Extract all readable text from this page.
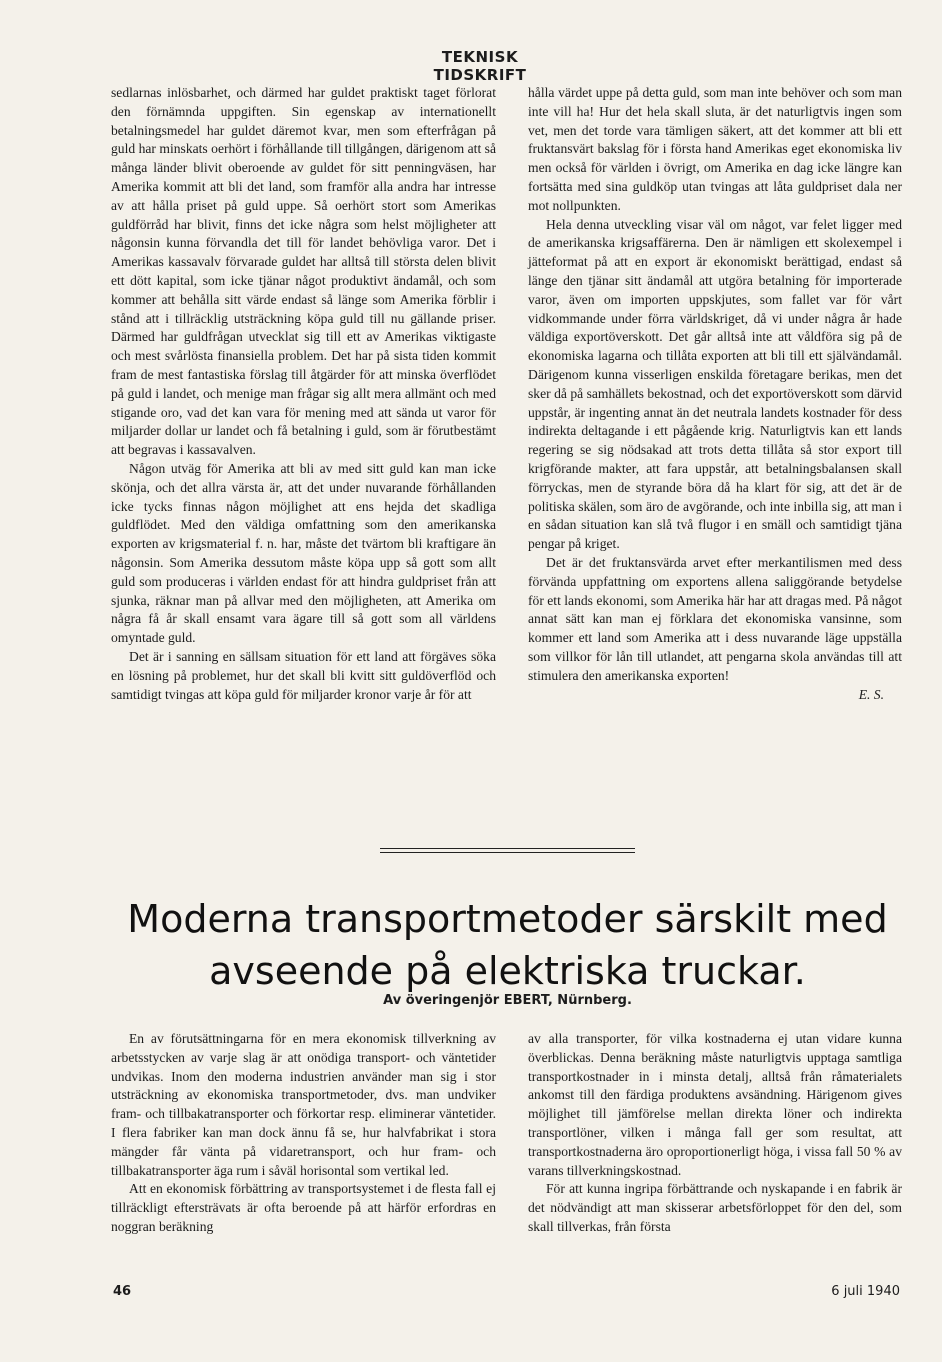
TEKNISK TIDSKRIFT

sedlarnas inlösbarhet, och därmed har guldet praktiskt taget förlorat den förnämnda uppgiften. Sin egenskap av internationellt betalningsmedel har guldet däremot kvar, men som efterfrågan på guld har minskats oerhört i förhållande till tillgången, därigenom att så många länder blivit oberoende av guldet för sitt penningväsen, har Amerika kommit att bli det land, som framför alla andra har intresse av att hålla priset på guld uppe. Så oerhört stort som Amerikas guldförråd har blivit, finns det icke några som helst möjligheter att någonsin kunna förvandla det till för landet behövliga varor. Det i Amerikas kassavalv förvarade guldet har alltså till största delen blivit ett dött kapital, som icke tjänar något produktivt ändamål, och som kommer att behålla sitt värde endast så länge som Amerika förblir i stånd att i tillräcklig utsträckning köpa guld till nu gällande priser. Därmed har guldfrågan utvecklat sig till ett av Amerikas viktigaste och mest svårlösta finansiella problem. Det har på sista tiden kommit fram de mest fantastiska förslag till åtgärder för att minska överflödet på guld i landet, och menige man frågar sig allt mera allmänt och med stigande oro, vad det kan vara för mening med att sända ut varor för miljarder dollar ur landet och få betalning i guld, som är förutbestämt att begravas i kassavalven.

Någon utväg för Amerika att bli av med sitt guld kan man icke skönja, och det allra värsta är, att det under nuvarande förhållanden icke tycks finnas någon möjlighet att ens hejda det skadliga guldflödet. Med den väldiga omfattning som den amerikanska exporten av krigsmaterial f. n. har, måste det tvärtom bli kraftigare än någonsin. Som Amerika dessutom måste köpa upp så gott som allt guld som produceras i världen endast för att hindra guldpriset från att sjunka, räknar man på allvar med den möjligheten, att Amerika om några få år skall ensamt vara ägare till så gott som all världens omyntade guld.

Det är i sanning en sällsam situation för ett land att förgäves söka en lösning på problemet, hur det skall bli kvitt sitt guldöverflöd och samtidigt tvingas att köpa guld för miljarder kronor varje år för att

hålla värdet uppe på detta guld, som man inte behöver och som man inte vill ha! Hur det hela skall sluta, är det naturligtvis ingen som vet, men det torde vara tämligen säkert, att det kommer att bli ett fruktansvärt bakslag för i första hand Amerikas eget ekonomiska liv men också för världen i övrigt, om Amerika en dag icke längre kan fortsätta med sina guldköp utan tvingas att låta guldpriset dala ner mot nollpunkten.

Hela denna utveckling visar väl om något, var felet ligger med de amerikanska krigsaffärerna. Den är nämligen ett skolexempel i jätteformat på att en export är ekonomiskt berättigad, endast så länge den tjänar sitt ändamål att utgöra betalning för importerade varor, även om importen uppskjutes, som fallet var för vårt vidkommande under förra världskriget, då vi under några år hade väldiga exportöverskott. Det går alltså inte att våldföra sig på de ekonomiska lagarna och tillåta exporten att bli till ett självändamål. Därigenom kunna visserligen enskilda företagare berikas, men det sker då på samhällets bekostnad, och det exportöverskott som därvid uppstår, är ingenting annat än det neutrala landets kostnader för dess indirekta deltagande i ett pågående krig. Naturligtvis kan ett lands regering se sig nödsakad att trots detta tillåta så stor export till krigförande makter, att fara uppstår, att betalningsbalansen skall förryckas, men de styrande böra då ha klart för sig, att det är de politiska skälen, som äro de avgörande, och inte inbilla sig, att man i en sådan situation kan slå två flugor i en smäll och samtidigt tjäna pengar på kriget.

Det är det fruktansvärda arvet efter merkantilismen med dess förvända uppfattning om exportens allena saliggörande betydelse för ett lands ekonomi, som Amerika här har att dragas med. På något annat sätt kan man ej förklara det ekonomiska vansinne, som kommer ett land som Amerika att i dess nuvarande läge uppställa som villkor för lån till utlandet, att pengarna skola användas till att stimulera den amerikanska exporten!

E. S.

Moderna transportmetoder särskilt med avseende på elektriska truckar.
Av överingenjör EBERT, Nürnberg.

En av förutsättningarna för en mera ekonomisk tillverkning av arbetsstycken av varje slag är att onödiga transport- och väntetider undvikas. Inom den moderna industrien använder man sig i stor utsträckning av ekonomiska transportmetoder, dvs. man undviker fram- och tillbakatransporter och förkortar resp. eliminerar väntetider. I flera fabriker kan man dock ännu få se, hur halvfabrikat i stora mängder får vänta på vidaretransport, och hur fram- och tillbakatransporter äga rum i såväl horisontal som vertikal led.

Att en ekonomisk förbättring av transportsystemet i de flesta fall ej tillräckligt eftersträvats är ofta beroende på att härför erfordras en noggran beräkning

av alla transporter, för vilka kostnaderna ej utan vidare kunna överblickas. Denna beräkning måste naturligtvis upptaga samtliga transportkostnader in i minsta detalj, alltså från råmaterialets ankomst till den färdiga produktens avsändning. Härigenom gives möjlighet till jämförelse mellan direkta löner och indirekta transportlöner, vilken i många fall ger som resultat, att transportkostnaderna äro oproportionerligt höga, i vissa fall 50 % av varans tillverkningskostnad.

För att kunna ingripa förbättrande och nyskapande i en fabrik är det nödvändigt att man skisserar arbetsförloppet för den del, som skall tillverkas, från första

46	6 juli 1940
